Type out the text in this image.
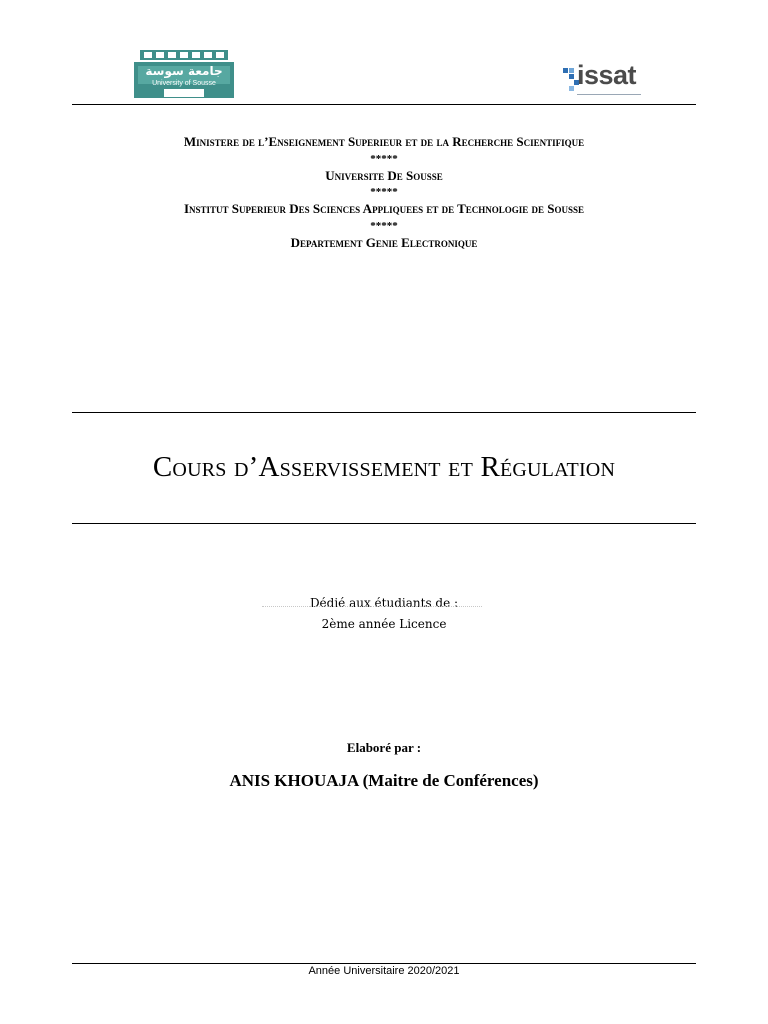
جامعة سوسة
University of Sousse	issat
Ministere de l’Enseignement Superieur et de la Recherche Scientifique
*****
Universite De Sousse
*****
Institut Superieur Des Sciences Appliquees et de Technologie de Sousse
*****
Departement Genie Electronique
Cours d’Asservissement et Régulation
Dédié aux étudiants de :
2ème année Licence
Elaboré par :
ANIS KHOUAJA (Maitre de Conférences)
Année Universitaire 2020/2021
